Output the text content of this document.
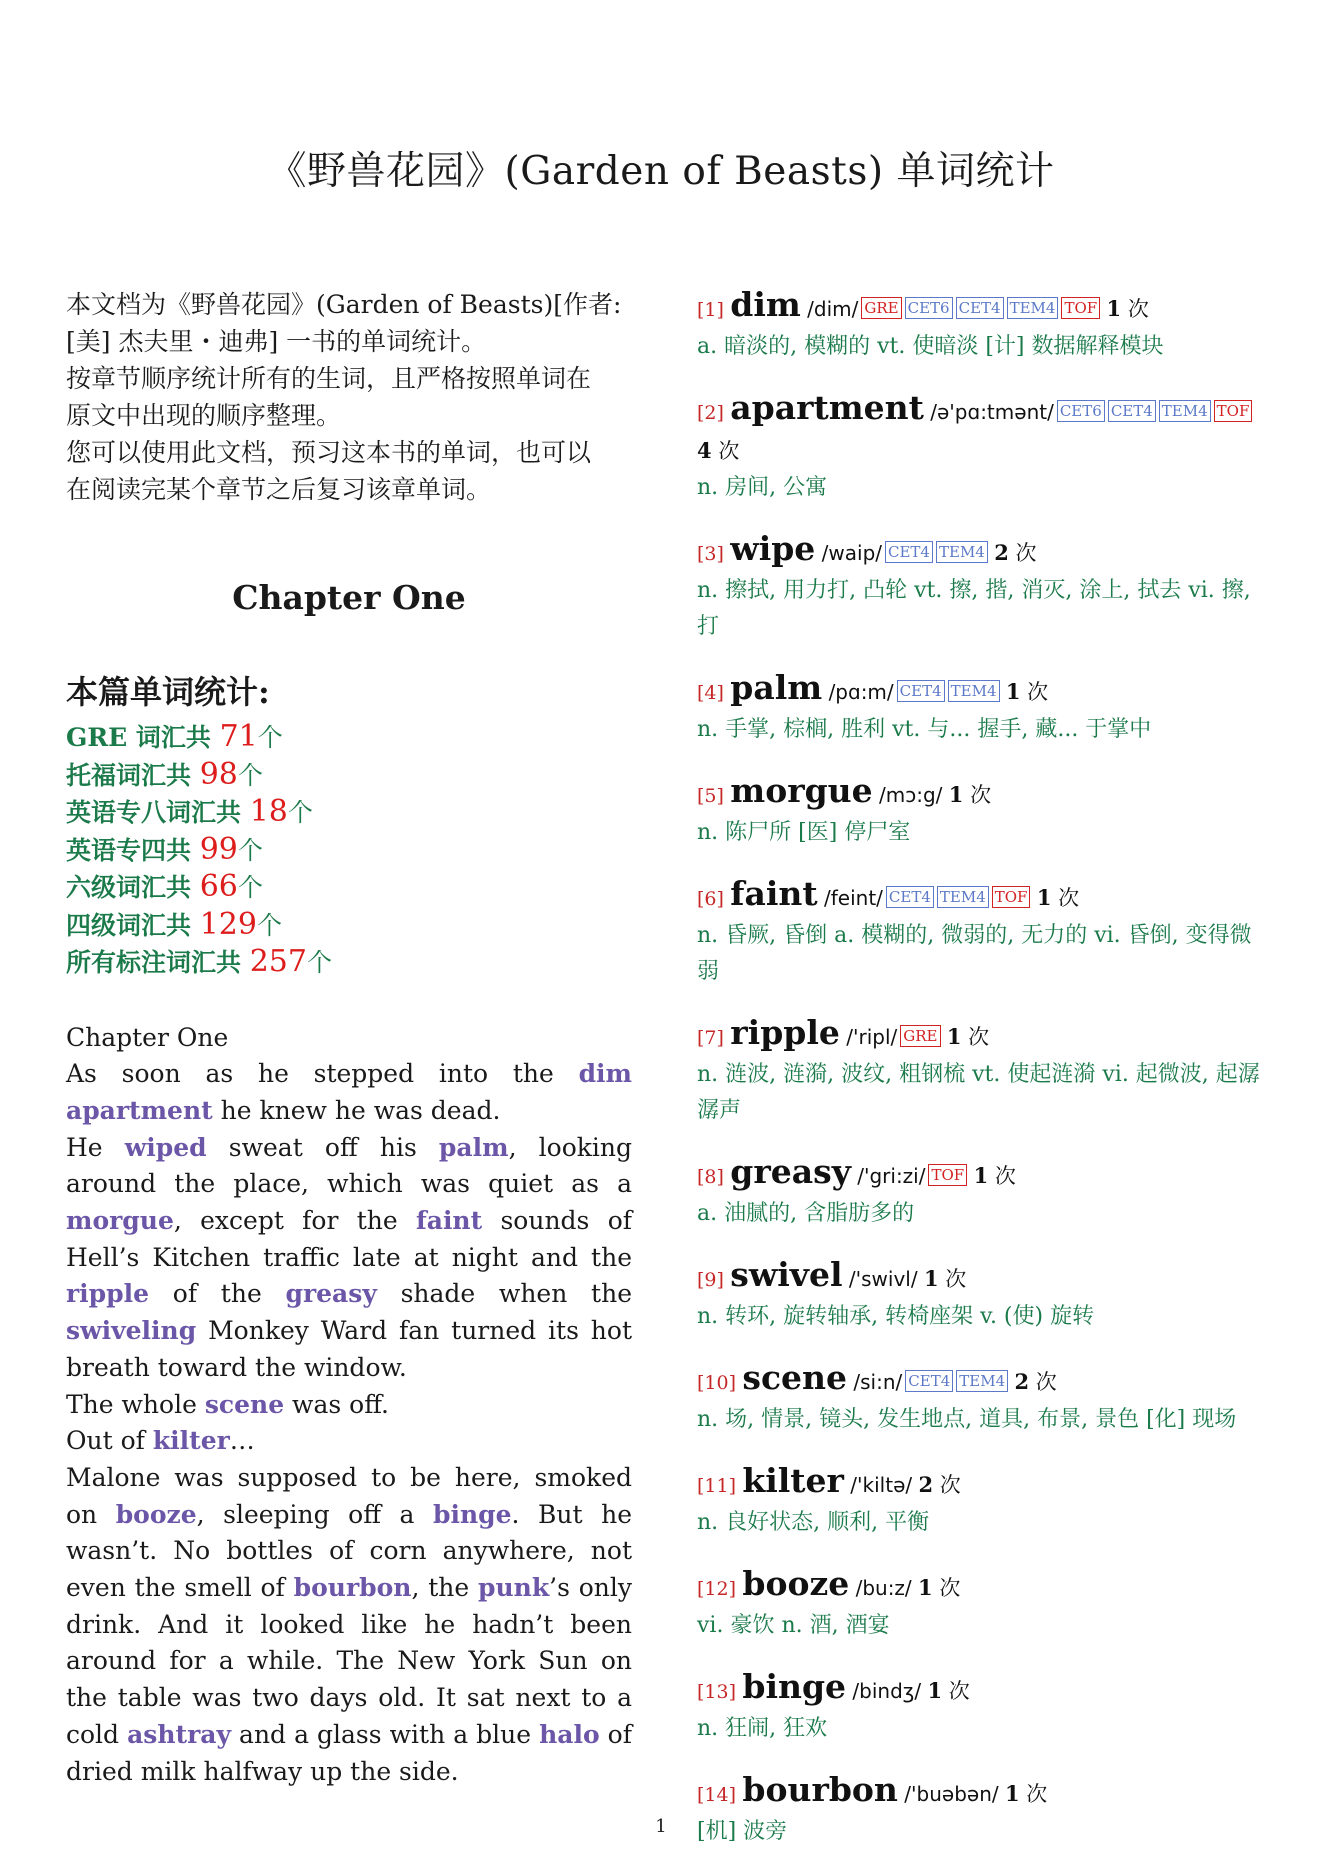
《野兽花园》(Garden of Beasts) 单词统计
本文档为《野兽花园》(Garden of Beasts)[作者:
[美] 杰夫里・迪弗] 一书的单词统计。
按章节顺序统计所有的生词，且严格按照单词在
原文中出现的顺序整理。
您可以使用此文档，预习这本书的单词，也可以
在阅读完某个章节之后复习该章单词。
Chapter One
本篇单词统计:
GRE 词汇共 71个
托福词汇共 98个
英语专八词汇共 18个
英语专四共 99个
六级词汇共 66个
四级词汇共 129个
所有标注词汇共 257个

Chapter One

As soon as he stepped into the dim apartment he knew he was dead.

He wiped sweat off his palm, looking around the place, which was quiet as a morgue, except for the faint sounds of Hell’s Kitchen traffic late at night and the ripple of the greasy shade when the swiveling Monkey Ward fan turned its hot breath toward the window.

The whole scene was off.

Out of kilter…

Malone was supposed to be here, smoked on booze, sleeping off a binge. But he wasn’t. No bottles of corn anywhere, not even the smell of bourbon, the punk’s only drink. And it looked like he hadn’t been around for a while. The New York Sun on the table was two days old. It sat next to a cold ashtray and a glass with a blue halo of dried milk halfway up the side.

[1] dim /dim/ GRE CET6 CET4 TEM4 TOF 1 次
a. 暗淡的, 模糊的 vt. 使暗淡 [计] 数据解释模块
[2] apartment /ə'pɑ:tmənt/ CET6 CET4 TEM4 TOF 4 次
n. 房间, 公寓
[3] wipe /waip/ CET4 TEM4 2 次
n. 擦拭, 用力打, 凸轮 vt. 擦, 揩, 消灭, 涂上, 拭去 vi. 擦, 打
[4] palm /pɑ:m/ CET4 TEM4 1 次
n. 手掌, 棕榈, 胜利 vt. 与... 握手, 藏... 于掌中
[5] morgue /mɔ:g/ 1 次
n. 陈尸所 [医] 停尸室
[6] faint /feint/ CET4 TEM4 TOF 1 次
n. 昏厥, 昏倒 a. 模糊的, 微弱的, 无力的 vi. 昏倒, 变得微弱
[7] ripple /'ripl/ GRE 1 次
n. 涟波, 涟漪, 波纹, 粗钢梳 vt. 使起涟漪 vi. 起微波, 起潺潺声
[8] greasy /'gri:zi/ TOF 1 次
a. 油腻的, 含脂肪多的
[9] swivel /'swivl/ 1 次
n. 转环, 旋转轴承, 转椅座架 v. (使) 旋转
[10] scene /si:n/ CET4 TEM4 2 次
n. 场, 情景, 镜头, 发生地点, 道具, 布景, 景色 [化] 现场
[11] kilter /'kiltə/ 2 次
n. 良好状态, 顺利, 平衡
[12] booze /bu:z/ 1 次
vi. 豪饮 n. 酒, 酒宴
[13] binge /bindʒ/ 1 次
n. 狂闹, 狂欢
[14] bourbon /'buəbən/ 1 次
[机] 波旁
1
